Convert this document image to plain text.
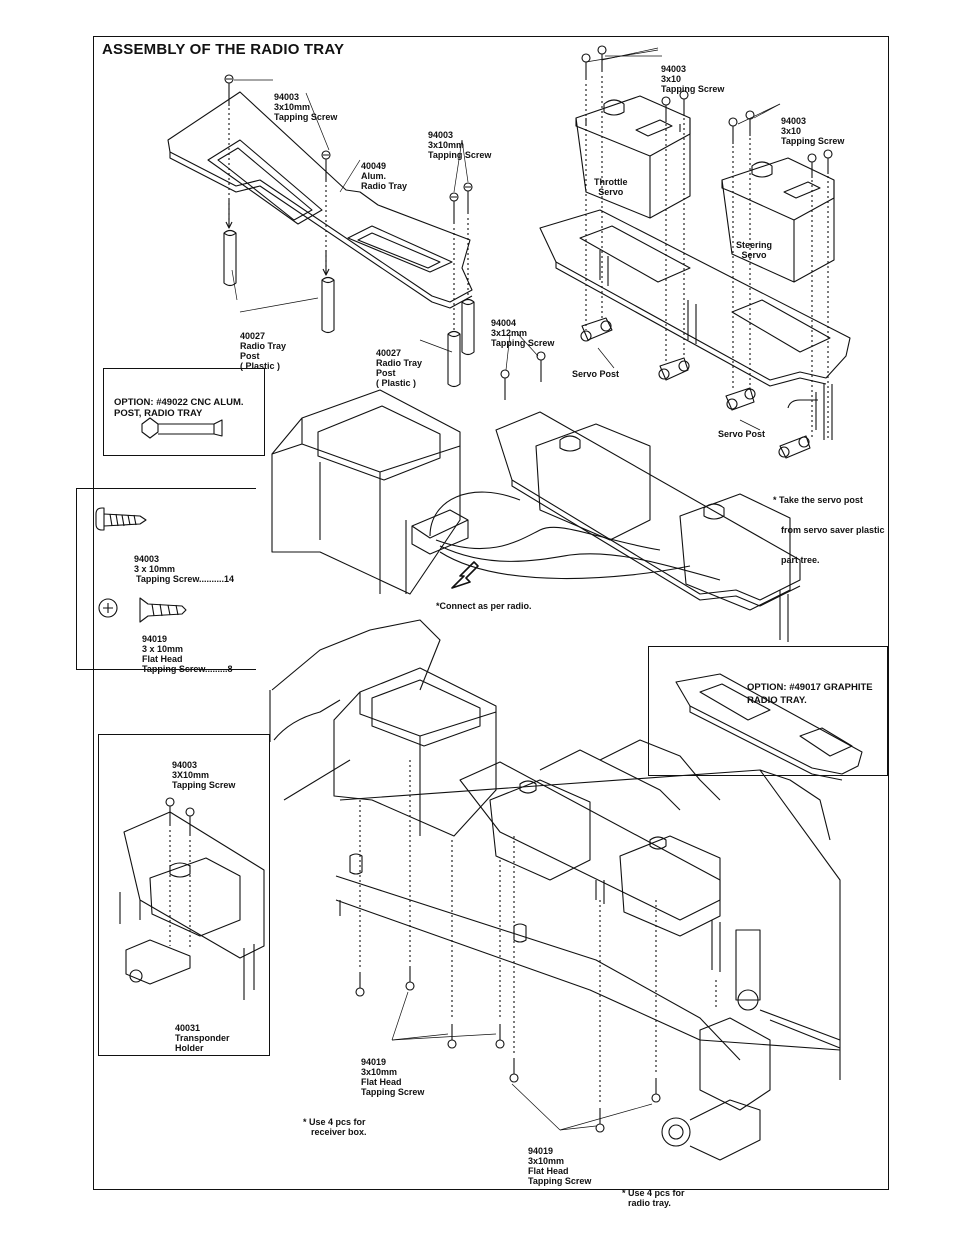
ASSEMBLY OF THE RADIO TRAY

94003
3x10mm
Tapping Screw

40049
Alum.
Radio Tray

94003
3x10mm
Tapping Screw

94003
3x10
Tapping Screw

94003
3x10
Tapping Screw

Throttle
Servo

Steering
Servo

40027
Radio Tray
Post
( Plastic )

40027
Radio Tray
Post
( Plastic )

94004
3x12mm
Tapping Screw

Servo Post
Servo Post

* Take the servo post

from servo saver plastic

part tree.

*Connect as per radio.

OPTION: #49022 CNC ALUM.
POST, RADIO TRAY

OPTION: #49017 GRAPHITE
RADIO TRAY.

94003
3 x 10mm
Tapping Screw..........14

94019
3 x 10mm
Flat Head
Tapping Screw.........8

94003
3X10mm
Tapping Screw

40031
Transponder
Holder

94019
3x10mm
Flat Head
Tapping Screw

94019
3x10mm
Flat Head
Tapping Screw

* Use 4 pcs for
receiver box.

* Use 4 pcs for
radio tray.
